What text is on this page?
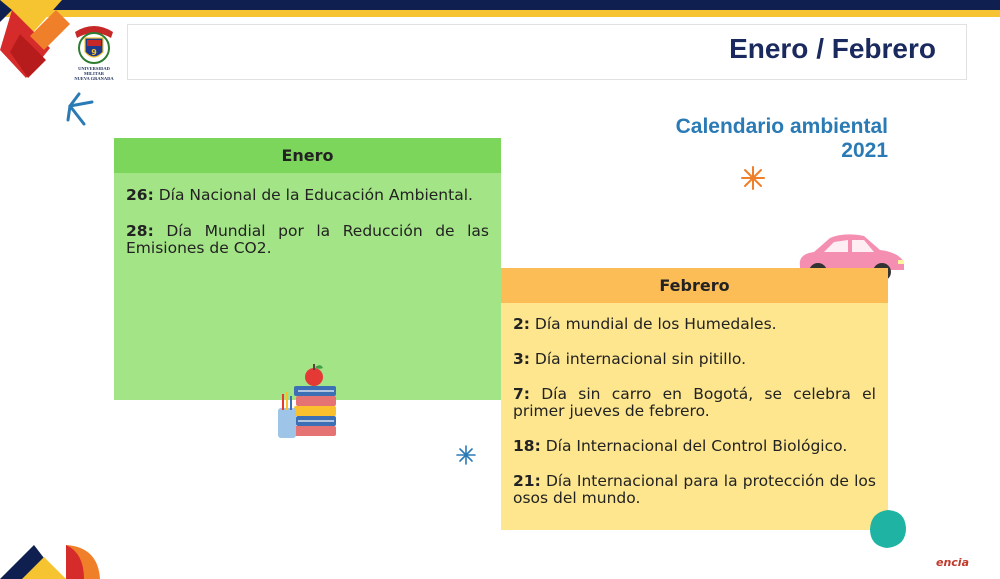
9
UNIVERSIDAD MILITAR
NUEVA GRANADA
Enero / Febrero
Calendario ambiental
2021
Enero
26: Día Nacional de la Educación Ambiental.
28: Día Mundial por la Reducción de las Emisiones de CO2.
Febrero
2: Día mundial de los Humedales.
3: Día internacional sin pitillo.
7: Día sin carro en Bogotá, se celebra el primer jueves de febrero.
18: Día Internacional del Control Biológico.
21: Día Internacional para la protección de los osos del mundo.
encia
